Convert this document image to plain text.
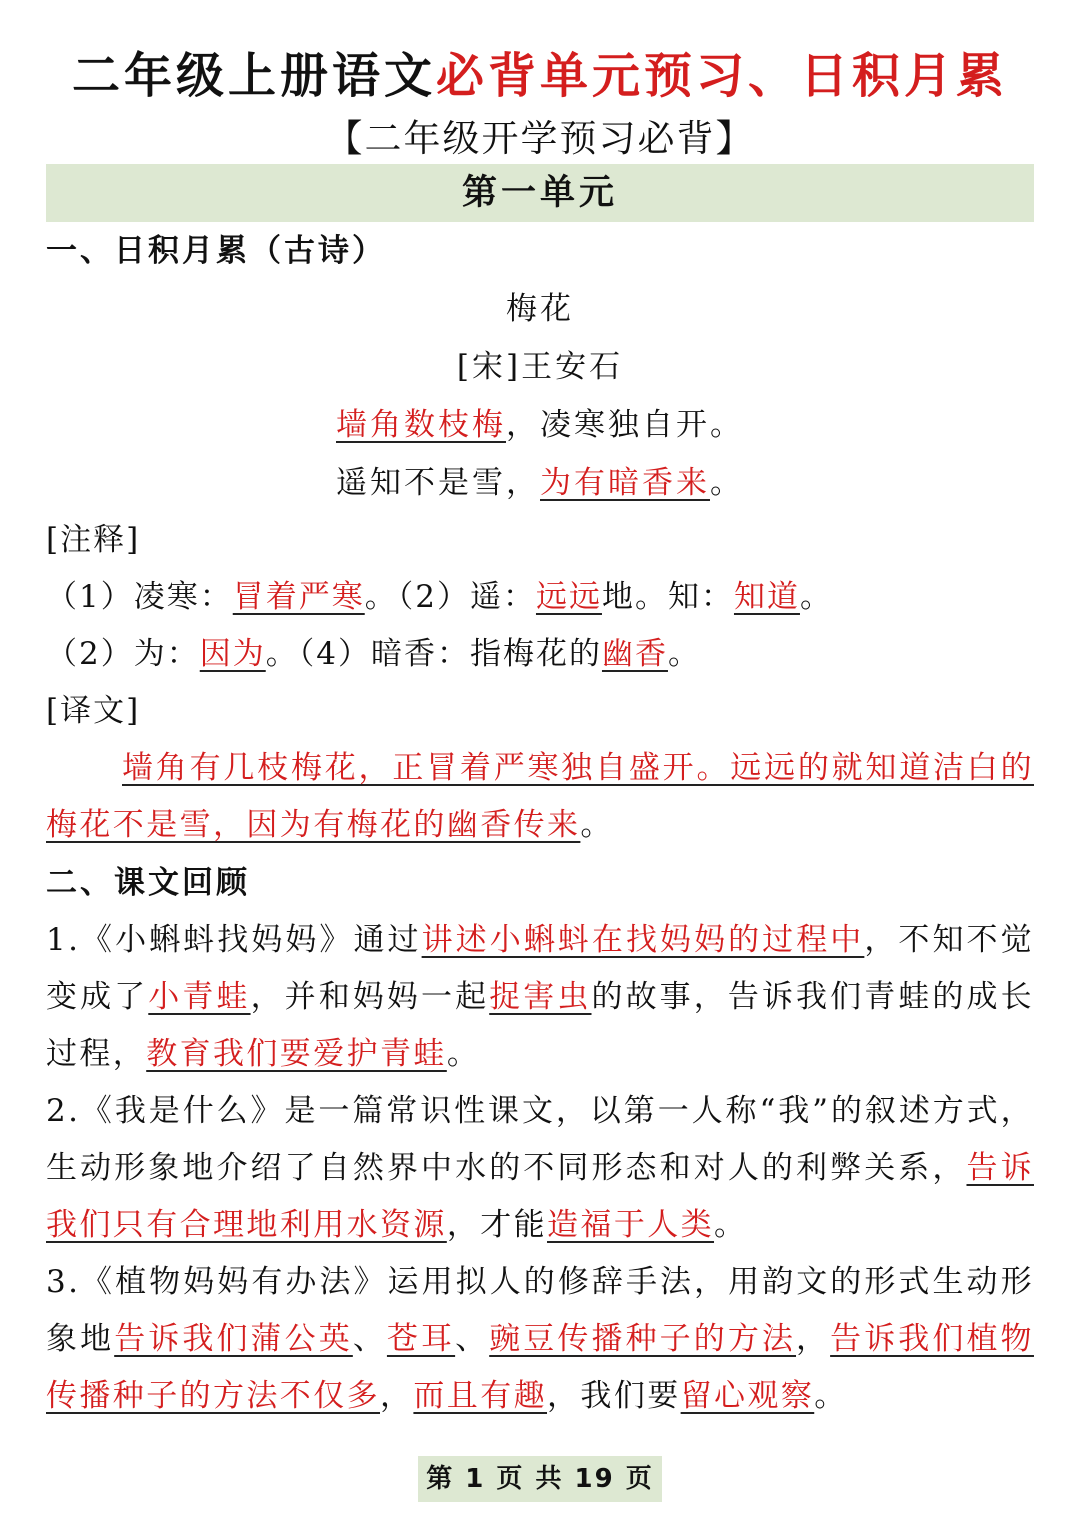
二年级上册语文必背单元预习、日积月累
【二年级开学预习必背】
第一单元
一、日积月累（古诗）
梅花
[宋]王安石
墙角数枝梅，凌寒独自开。
遥知不是雪，为有暗香来。
[注释]
（1）凌寒：冒着严寒。（2）遥：远远地。知：知道。
（2）为：因为。（4）暗香：指梅花的幽香。
[译文]
墙角有几枝梅花，正冒着严寒独自盛开。远远的就知道洁白的梅花不是雪，因为有梅花的幽香传来。
二、课文回顾
1.《小蝌蚪找妈妈》通过讲述小蝌蚪在找妈妈的过程中，不知不觉变成了小青蛙，并和妈妈一起捉害虫的故事，告诉我们青蛙的成长过程，教育我们要爱护青蛙。
2.《我是什么》是一篇常识性课文，以第一人称“我”的叙述方式，生动形象地介绍了自然界中水的不同形态和对人的利弊关系，告诉我们只有合理地利用水资源，才能造福于人类。
3.《植物妈妈有办法》运用拟人的修辞手法，用韵文的形式生动形象地告诉我们蒲公英、苍耳、豌豆传播种子的方法，告诉我们植物传播种子的方法不仅多，而且有趣，我们要留心观察。
第 1 页 共 19 页
